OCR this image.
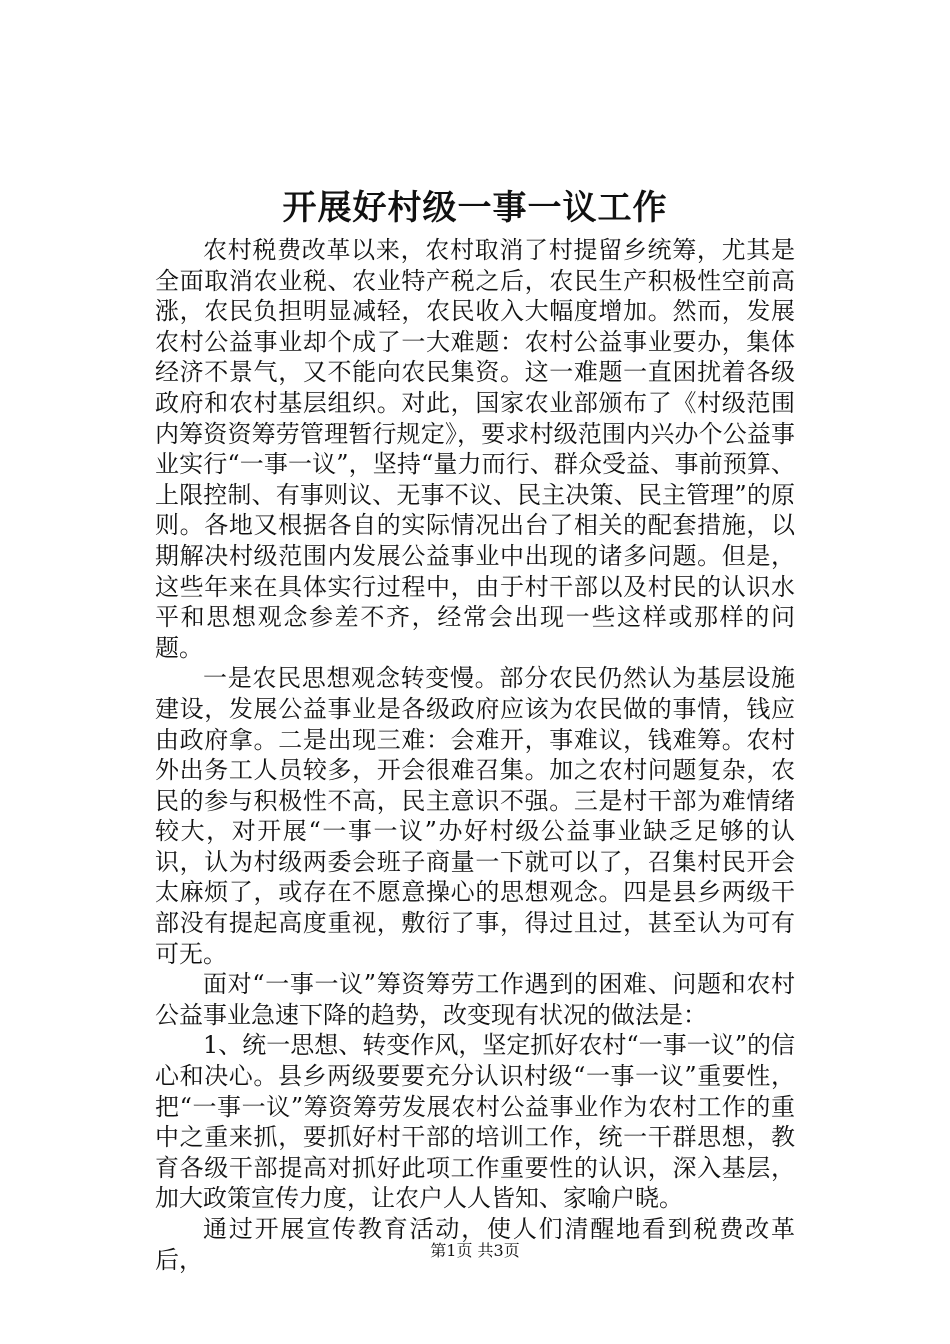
开展好村级一事一议工作

农村税费改革以来，农村取消了村提留乡统筹，尤其是全面取消农业税、农业特产税之后，农民生产积极性空前高涨，农民负担明显减轻，农民收入大幅度增加。然而，发展农村公益事业却个成了一大难题：农村公益事业要办，集体经济不景气，又不能向农民集资。这一难题一直困扰着各级政府和农村基层组织。对此，国家农业部颁布了《村级范围内筹资资筹劳管理暂行规定》，要求村级范围内兴办个公益事业实行“一事一议”，坚持“量力而行、群众受益、事前预算、上限控制、有事则议、无事不议、民主决策、民主管理”的原则。各地又根据各自的实际情况出台了相关的配套措施，以期解决村级范围内发展公益事业中出现的诸多问题。但是，这些年来在具体实行过程中，由于村干部以及村民的认识水平和思想观念参差不齐，经常会出现一些这样或那样的问题。

一是农民思想观念转变慢。部分农民仍然认为基层设施建设，发展公益事业是各级政府应该为农民做的事情，钱应由政府拿。二是出现三难：会难开，事难议，钱难筹。农村外出务工人员较多，开会很难召集。加之农村问题复杂，农民的参与积极性不高，民主意识不强。三是村干部为难情绪较大，对开展“一事一议”办好村级公益事业缺乏足够的认识，认为村级两委会班子商量一下就可以了，召集村民开会太麻烦了，或存在不愿意操心的思想观念。四是县乡两级干部没有提起高度重视，敷衍了事，得过且过，甚至认为可有可无。

面对“一事一议”筹资筹劳工作遇到的困难、问题和农村公益事业急速下降的趋势，改变现有状况的做法是：

1、统一思想、转变作风，坚定抓好农村“一事一议”的信心和决心。县乡两级要要充分认识村级“一事一议”重要性，把“一事一议”筹资筹劳发展农村公益事业作为农村工作的重中之重来抓，要抓好村干部的培训工作，统一干群思想，教育各级干部提高对抓好此项工作重要性的认识，深入基层，加大政策宣传力度，让农户人人皆知、家喻户晓。

通过开展宣传教育活动，使人们清醒地看到税费改革后，	第1页 共3页
